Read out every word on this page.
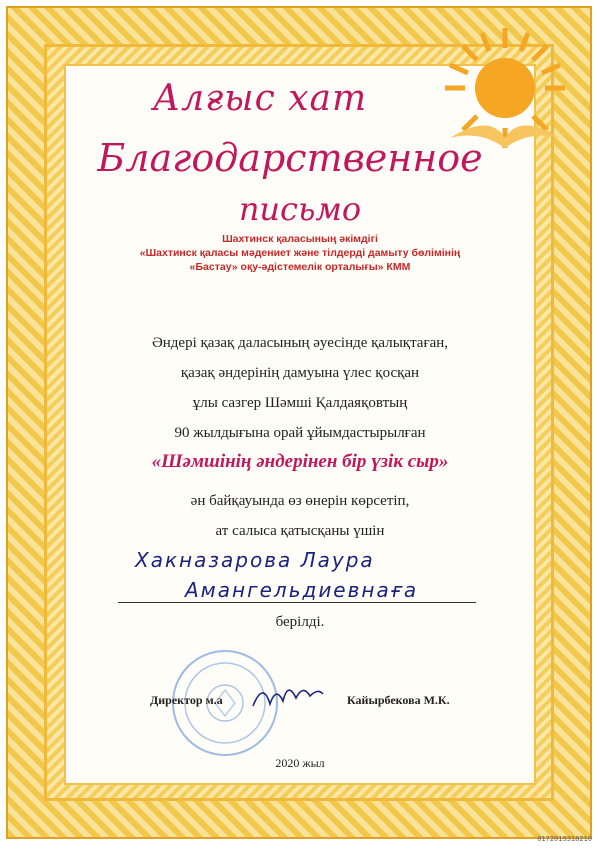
Алғыс хат
Благодарственное
письмо
Шахтинск қаласының әкімдігі
«Шахтинск қаласы мәдениет және тілдерді дамыту бөлімінің
«Бастау» оқу-әдістемелік орталығы» КММ
Әндері қазақ даласының әуесінде қалықтаған,
қазақ әндерінің дамуына үлес қосқан
ұлы сазгер Шәмші Қалдаяқовтың
90 жылдығына орай ұйымдастырылған
«Шәмшінің әндерінен бір үзік сыр»
ән байқауында өз өнерін көрсетіп,
ат салыса қатысқаны үшін
Хакназарова Лаура
Амангельдиевнаға
берілді.
Директор м.а	Кайырбекова М.К.
2020 жыл
0172019318210
